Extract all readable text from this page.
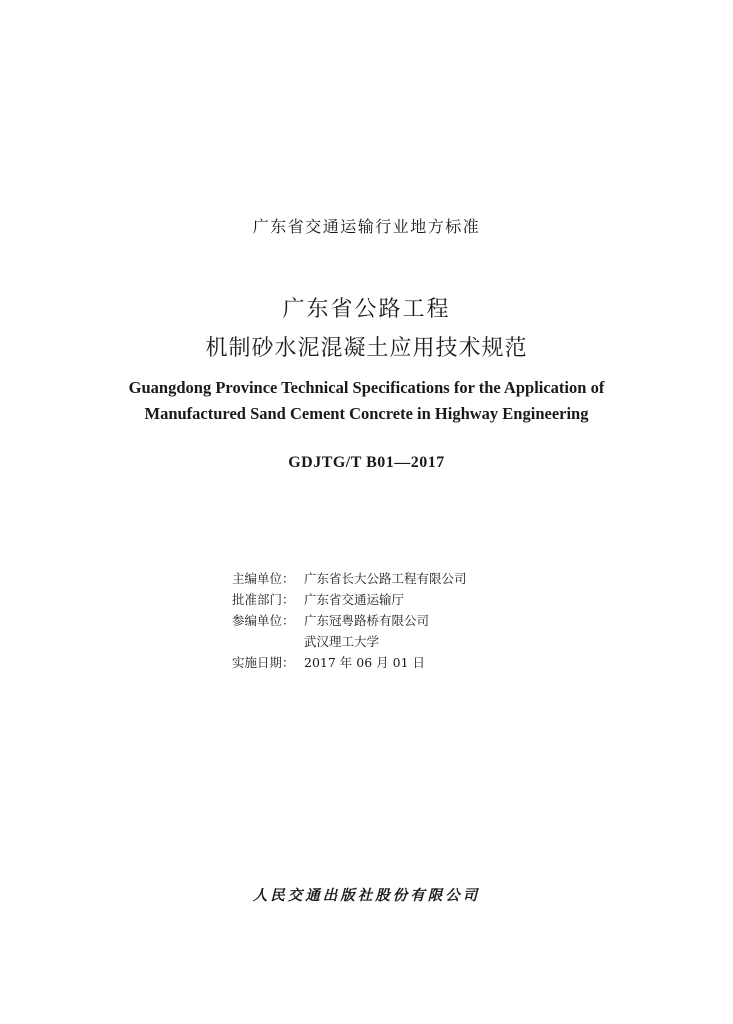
广东省交通运输行业地方标准
广东省公路工程
机制砂水泥混凝土应用技术规范
Guangdong Province Technical Specifications for the Application of
Manufactured Sand Cement Concrete in Highway Engineering
GDJTG/T B01—2017
主编单位： 广东省长大公路工程有限公司
批准部门： 广东省交通运输厅
参编单位： 广东冠粤路桥有限公司
武汉理工大学
实施日期： 2017 年 06 月 01 日
人民交通出版社股份有限公司
